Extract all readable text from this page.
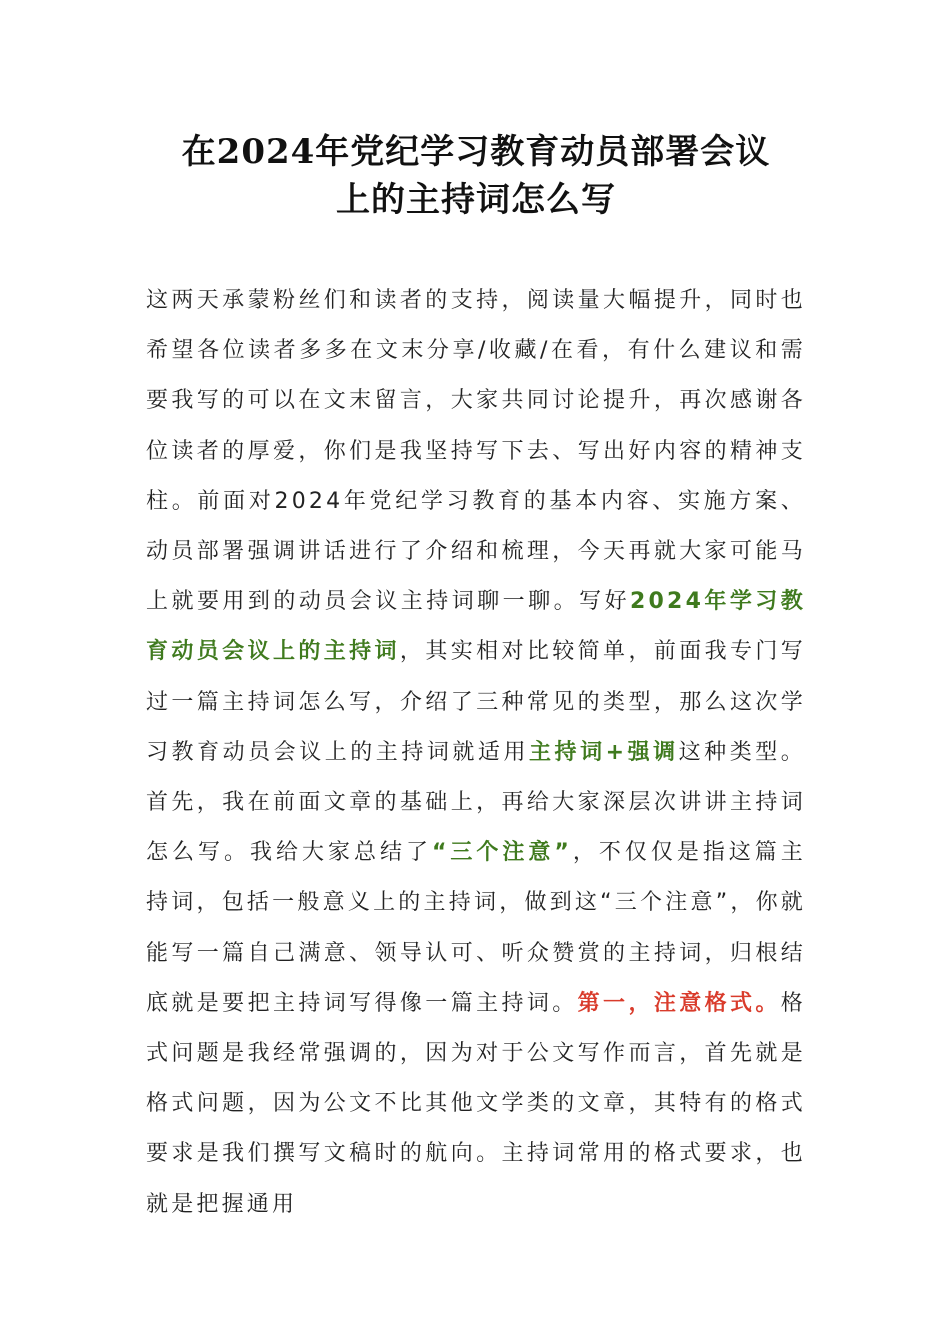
在2024年党纪学习教育动员部署会议
上的主持词怎么写

这两天承蒙粉丝们和读者的支持，阅读量大幅提升，同时也希望各位读者多多在文末分享/收藏/在看，有什么建议和需要我写的可以在文末留言，大家共同讨论提升，再次感谢各位读者的厚爱，你们是我坚持写下去、写出好内容的精神支柱。前面对2024年党纪学习教育的基本内容、实施方案、动员部署强调讲话进行了介绍和梳理，今天再就大家可能马上就要用到的动员会议主持词聊一聊。写好2024年学习教育动员会议上的主持词，其实相对比较简单，前面我专门写过一篇主持词怎么写，介绍了三种常见的类型，那么这次学习教育动员会议上的主持词就适用主持词+强调这种类型。首先，我在前面文章的基础上，再给大家深层次讲讲主持词怎么写。我给大家总结了“三个注意”，不仅仅是指这篇主持词，包括一般意义上的主持词，做到这“三个注意”，你就能写一篇自己满意、领导认可、听众赞赏的主持词，归根结底就是要把主持词写得像一篇主持词。第一，注意格式。格式问题是我经常强调的，因为对于公文写作而言，首先就是格式问题，因为公文不比其他文学类的文章，其特有的格式要求是我们撰写文稿时的航向。主持词常用的格式要求，也就是把握通用
